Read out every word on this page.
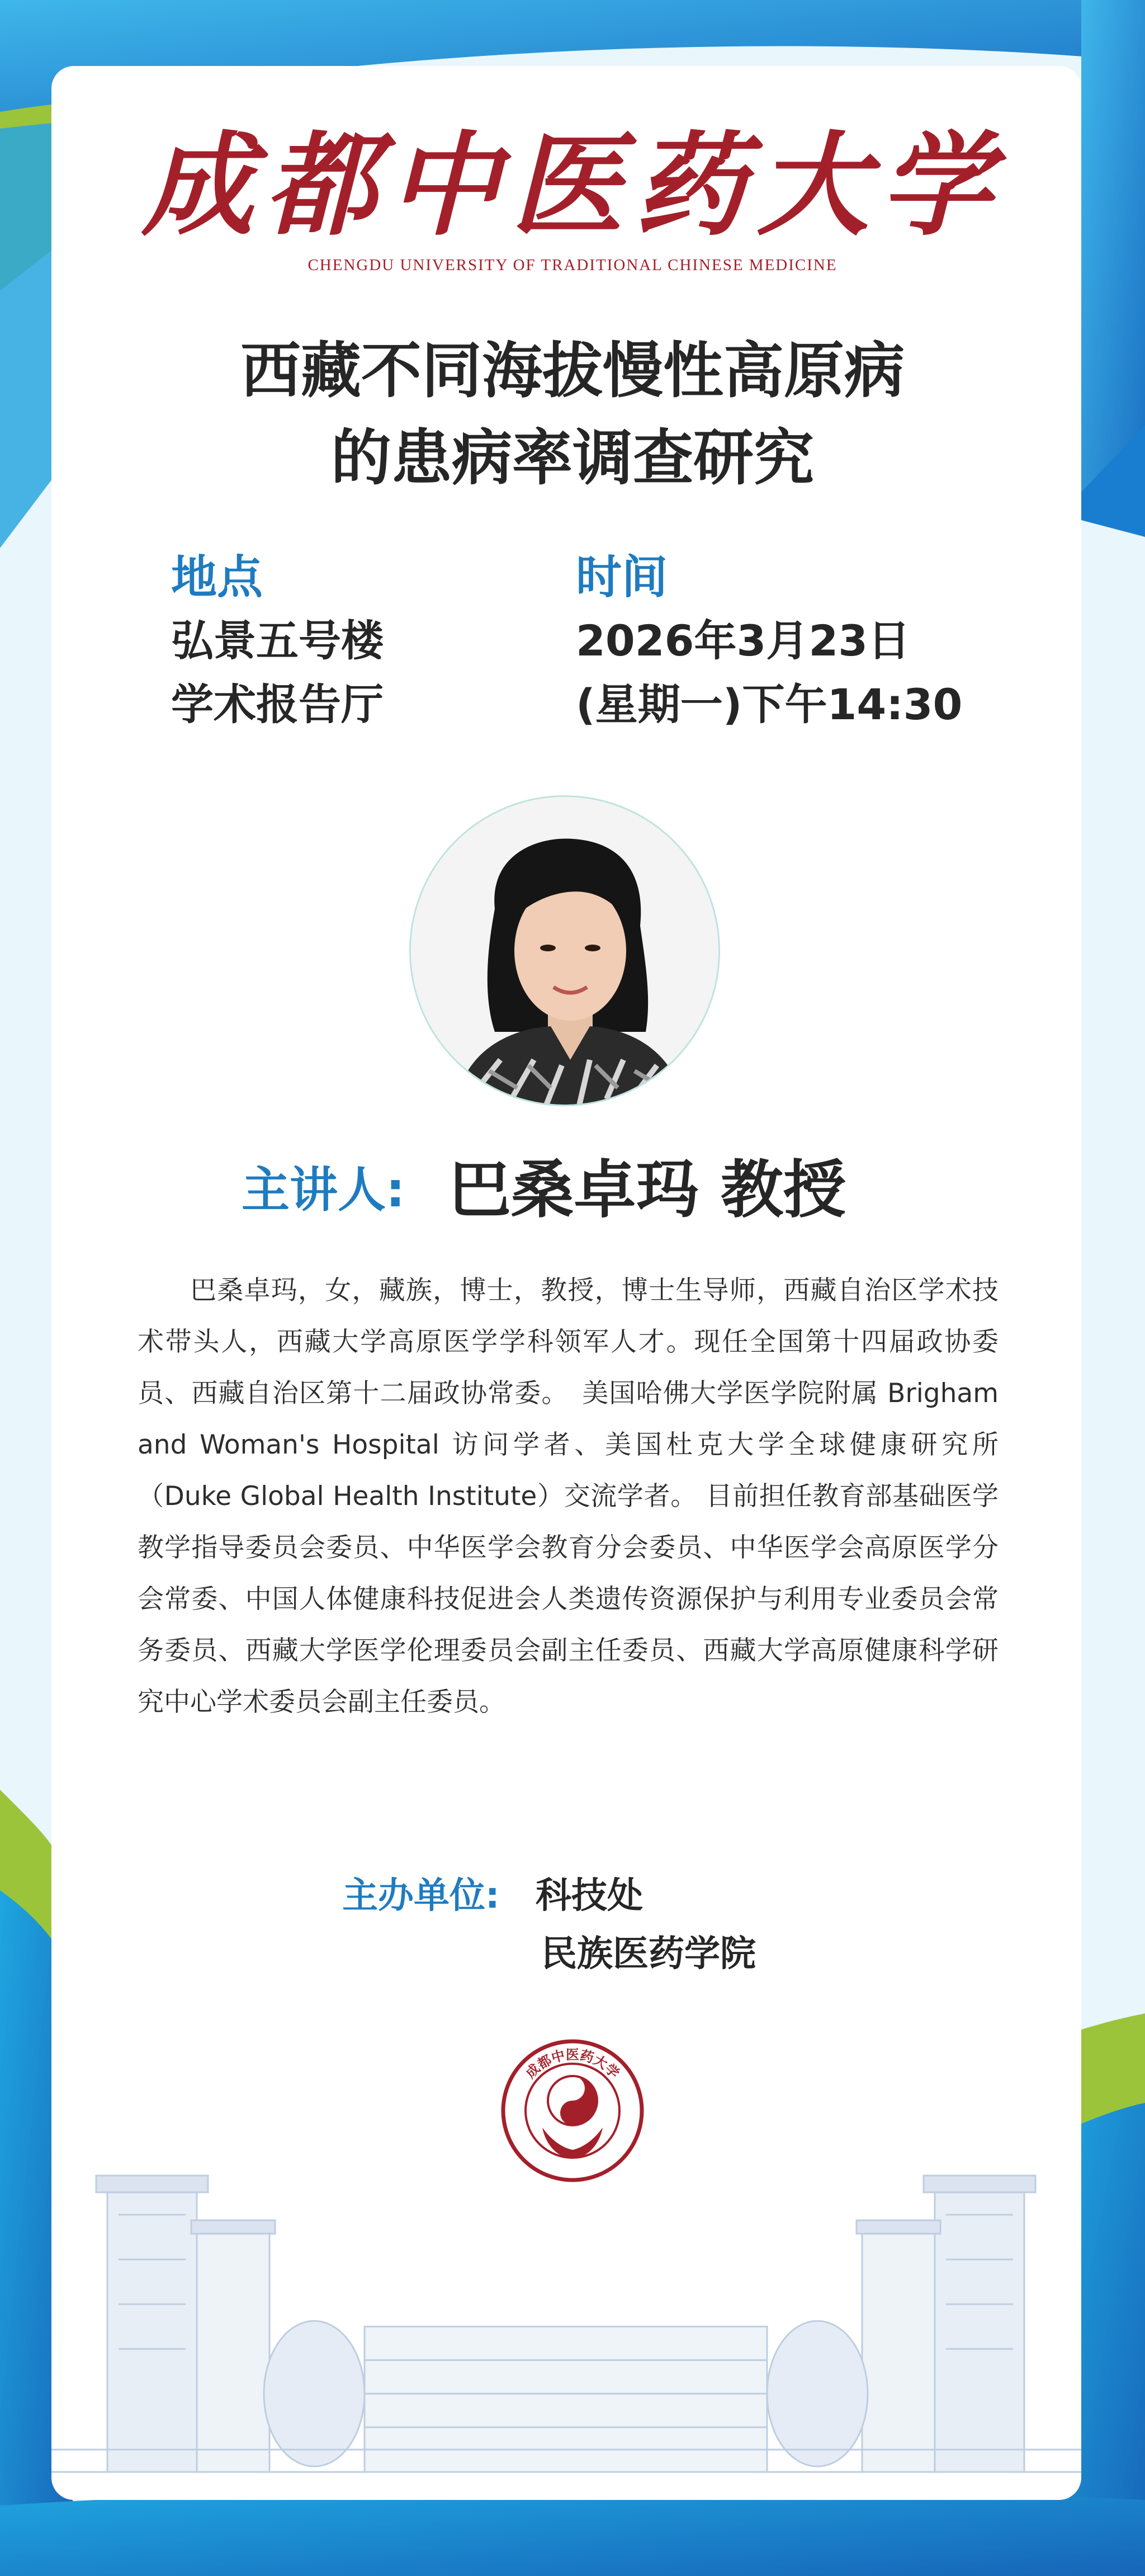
成都中医药大学
CHENGDU UNIVERSITY OF TRADITIONAL CHINESE MEDICINE
西藏不同海拔慢性高原病
的患病率调查研究
地点
弘景五号楼
学术报告厅
时间
2026年3月23日
(星期一)下午14:30
主讲人: 巴桑卓玛 教授

巴桑卓玛，女，藏族，博士，教授，博士生导师，西藏自治区学术技术带头人，西藏大学高原医学学科领军人才。现任全国第十四届政协委员、西藏自治区第十二届政协常委。　美国哈佛大学医学院附属 Brigham and Woman's Hospital 访问学者、美国杜克大学全球健康研究所（Duke Global Health Institute）交流学者。 目前担任教育部基础医学教学指导委员会委员、中华医学会教育分会委员、中华医学会高原医学分会常委、中国人体健康科技促进会人类遗传资源保护与利用专业委员会常务委员、西藏大学医学伦理委员会副主任委员、西藏大学高原健康科学研究中心学术委员会副主任委员。

主办单位: 科技处
民族医药学院
成都中医药大学
